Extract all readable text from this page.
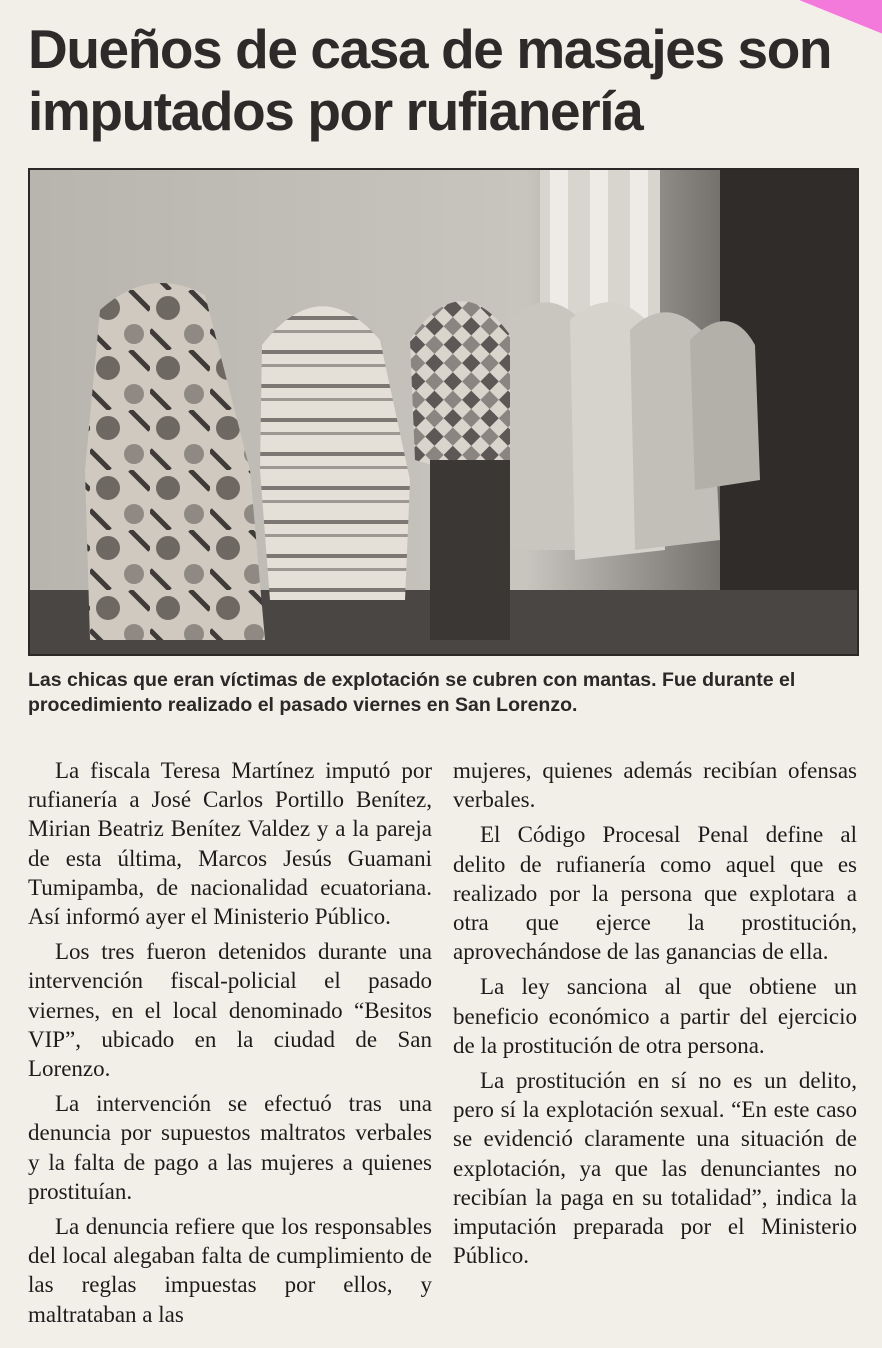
Dueños de casa de masajes son imputados por rufianería

Las chicas que eran víctimas de explotación se cubren con mantas. Fue durante el procedimiento realizado el pasado viernes en San Lorenzo.

La fiscala Teresa Martínez imputó por rufianería a José Carlos Portillo Benítez, Mirian Beatriz Benítez Valdez y a la pareja de esta última, Marcos Jesús Guamani Tumipamba, de nacionalidad ecuatoriana. Así informó ayer el Ministerio Público.

Los tres fueron detenidos durante una intervención fiscal-policial el pasado viernes, en el local denominado “Besitos VIP”, ubicado en la ciudad de San Lorenzo.

La intervención se efectuó tras una denuncia por supuestos maltratos verbales y la falta de pago a las mujeres a quienes prostituían.

La denuncia refiere que los responsables del local alegaban falta de cumplimiento de las reglas impuestas por ellos, y maltrataban a las

mujeres, quienes además recibían ofensas verbales.

El Código Procesal Penal define al delito de rufianería como aquel que es realizado por la persona que explotara a otra que ejerce la prostitución, aprovechándose de las ganancias de ella.

La ley sanciona al que obtiene un beneficio económico a partir del ejercicio de la prostitución de otra persona.

La prostitución en sí no es un delito, pero sí la explotación sexual. “En este caso se evidenció claramente una situación de explotación, ya que las denunciantes no recibían la paga en su totalidad”, indica la imputación preparada por el Ministerio Público.
